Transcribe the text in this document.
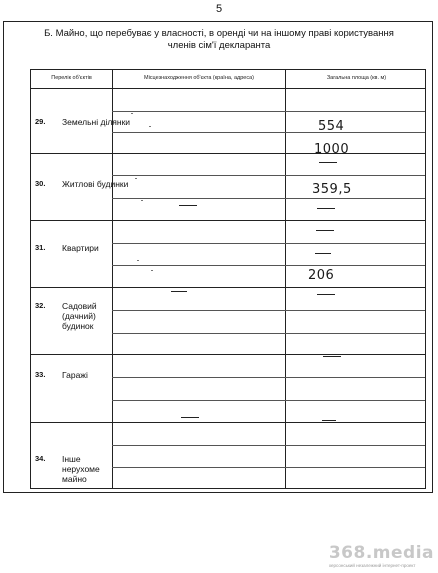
5
Б. Майно, що перебуває у власності, в оренді чи на іншому праві користування
членів сім'ї декларанта
Перелік об'єктів	Місцезнаходження об'єкта (країна, адреса)	Загальна площа (кв. м)
29. Земельні ділянки
30. Житлові будинки
31. Квартири
32. Садовий (дачний) будинок
33. Гаражі
34. Інше нерухоме майно
554
1000
359,5
206
368.media
херсонський незалежний інтернет-проект
